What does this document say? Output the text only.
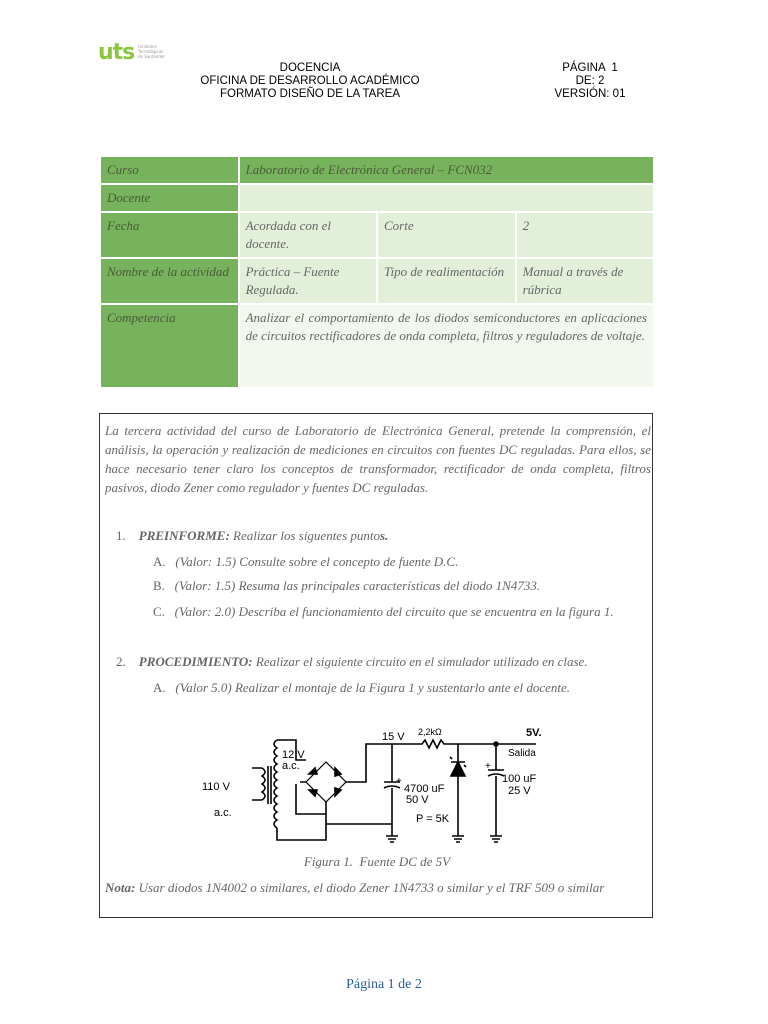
uts Unidades Tecnológicas de Santander
DOCENCIA
OFICINA DE DESARROLLO ACADÉMICO
FORMATO DISEÑO DE LA TAREA
PÁGINA  1
DE: 2
VERSIÓN: 01
Curso	Laboratorio de Electrónica General – FCN032		
Docente			
Fecha	Acordada con el docente.	Corte	2
Nombre de la actividad	Práctica – Fuente Regulada.	Tipo de realimentación	Manual a través de rúbrica
Competencia	Analizar el comportamiento de los diodos semiconductores en aplicaciones de circuitos rectificadores de onda completa, filtros y reguladores de voltaje.		
La tercera actividad del curso de Laboratorio de Electrónica General, pretende la comprensión, el análisis, la operación y realización de mediciones en circuitos con fuentes DC reguladas. Para ellos, se hace necesario tener claro los conceptos de transformador, rectificador de onda completa, filtros pasivos, diodo Zener como regulador y fuentes DC reguladas.
1. PREINFORME: Realizar los siguentes puntos.
A. (Valor: 1.5) Consulte sobre el concepto de fuente D.C.
B. (Valor: 1.5) Resuma las principales características del diodo 1N4733.
C. (Valor: 2.0) Describa el funcionamiento del circuito que se encuentra en la figura 1.
2. PROCEDIMIENTO: Realizar el siguiente circuito en el simulador utilizado en clase.
A. (Valor 5.0) Realizar el montaje de la Figura 1 y sustentarlo ante el docente.
110 V
a.c.
12 V
a.c.
15 V 2,2kΩ	5V.
Salida
+
4700 uF
50 V
P = 5K
+
100 uF
25 V
Figura 1.  Fuente DC de 5V
Nota: Usar diodos 1N4002 o similares, el diodo Zener 1N4733 o similar y el TRF 509 o similar
Página 1 de 2
